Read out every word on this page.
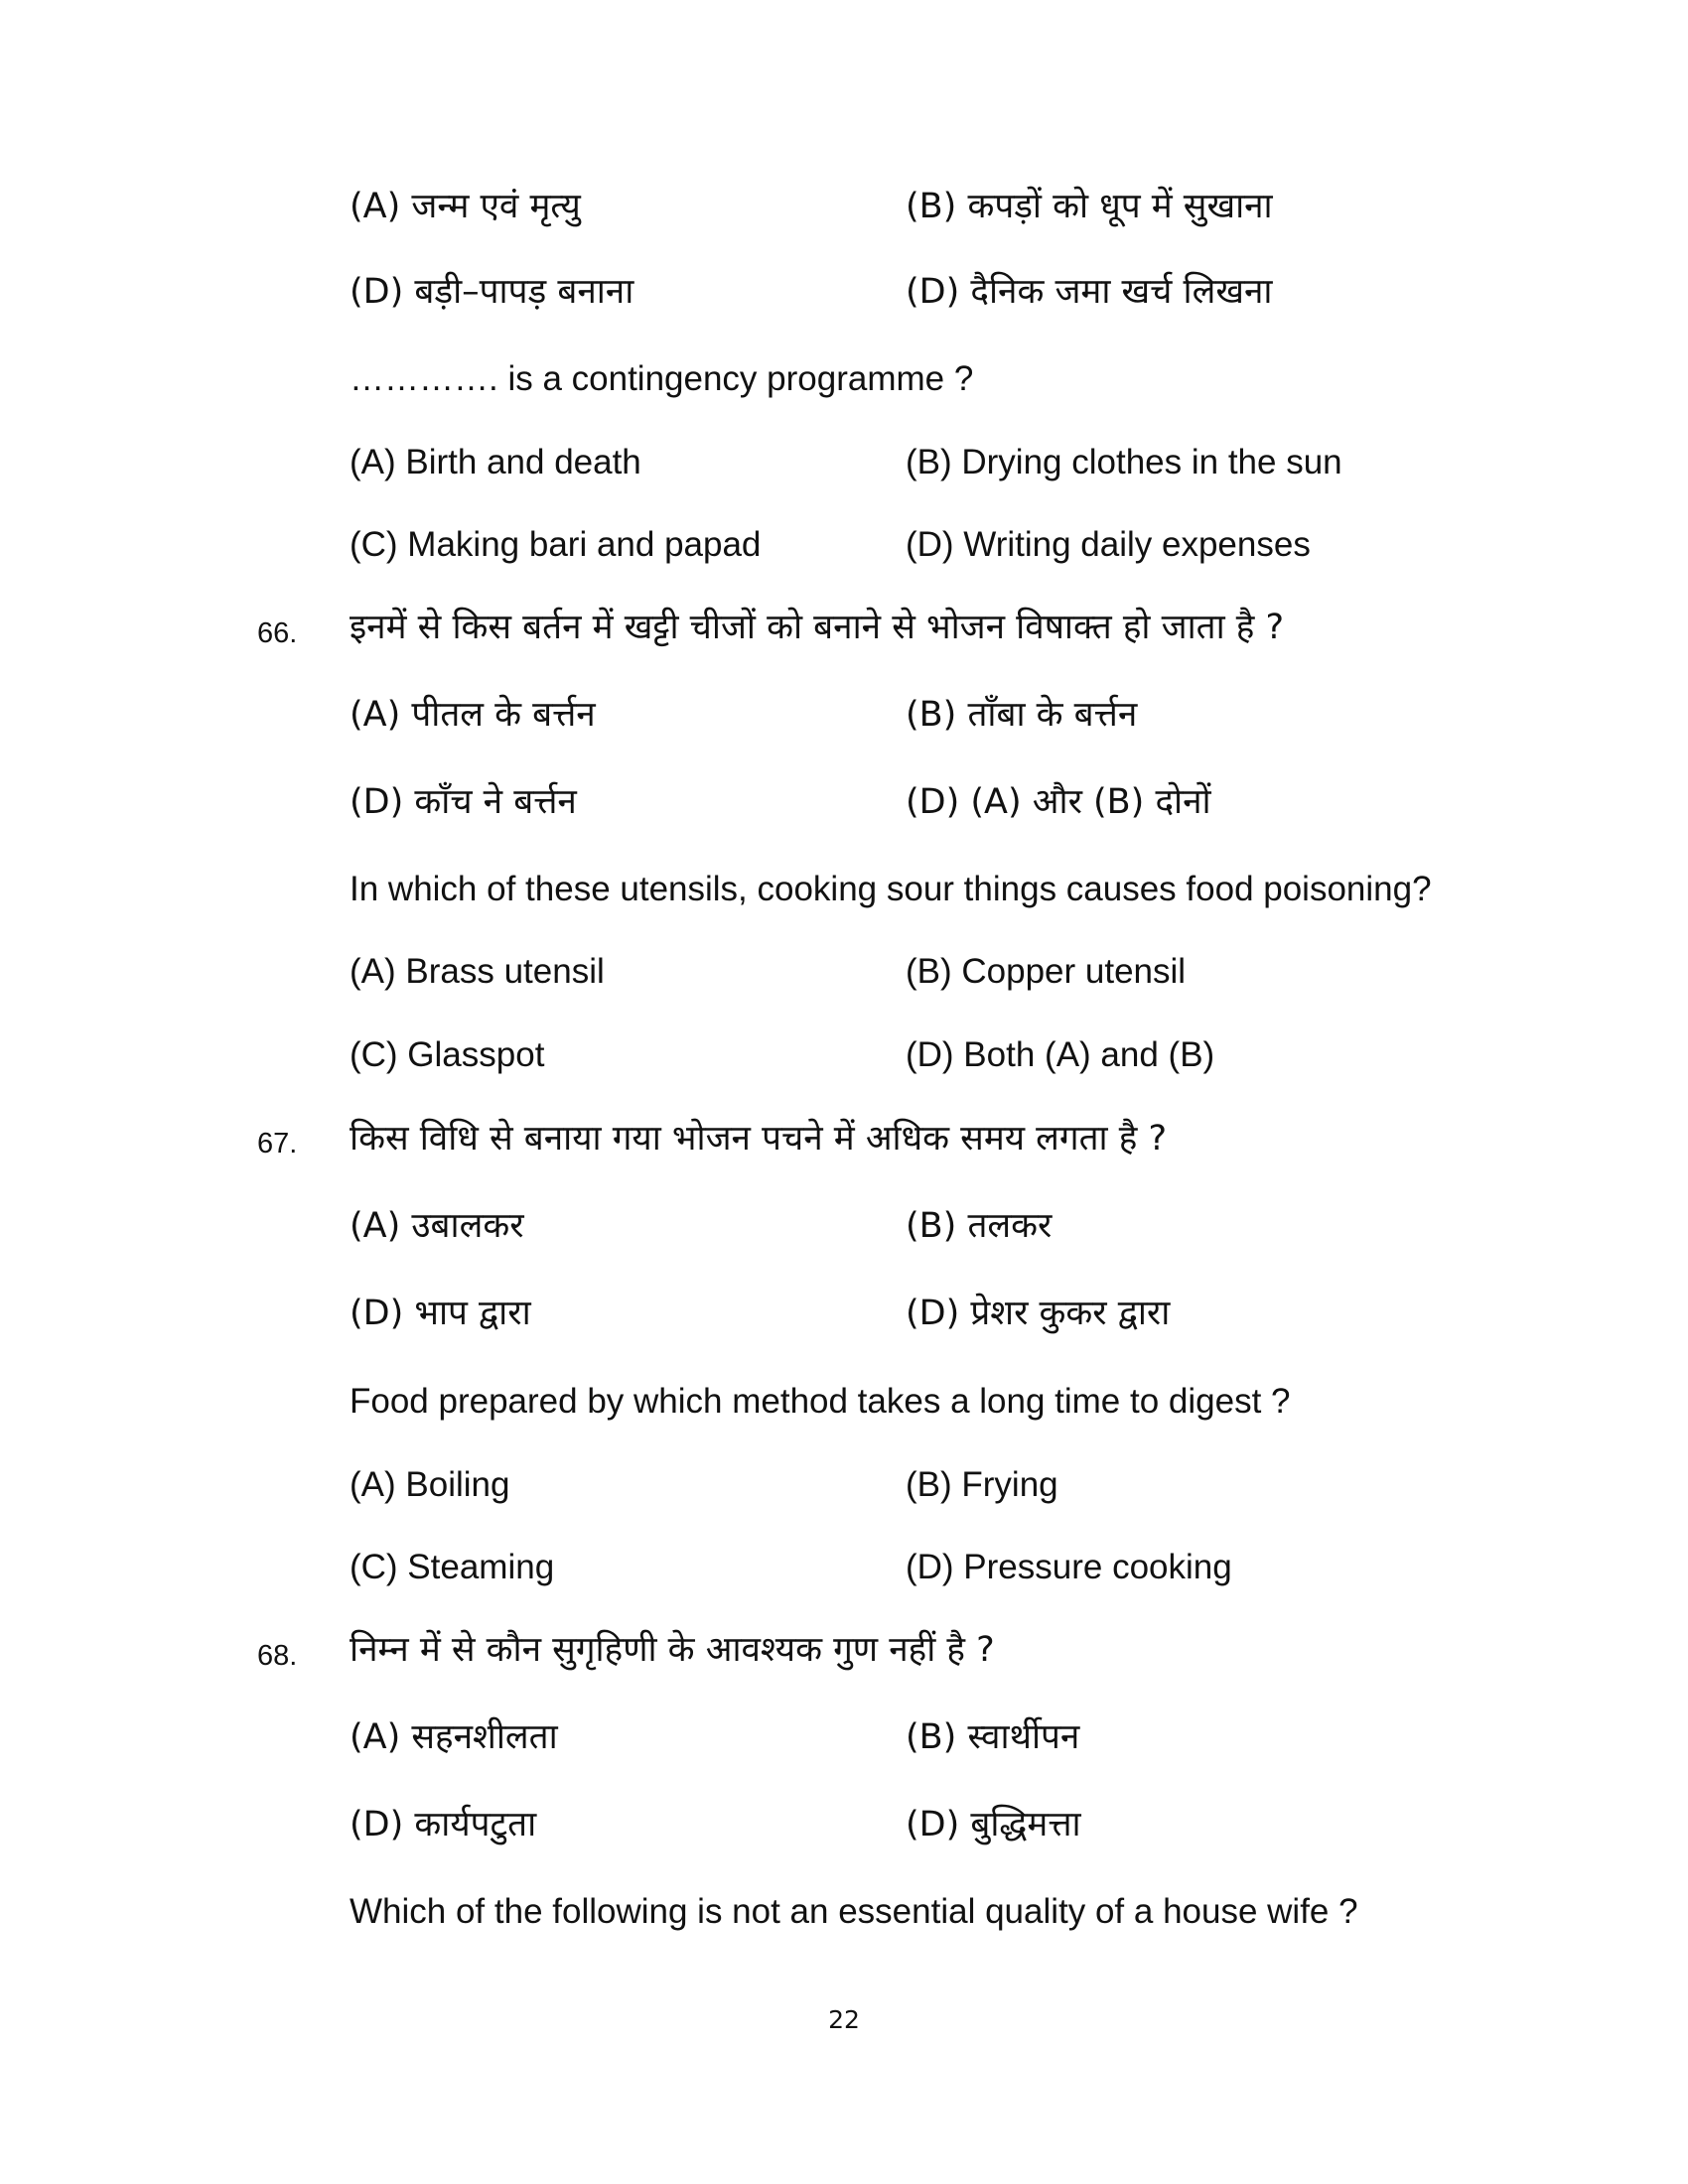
(A) जन्म एवं मृत्यु	(B) कपड़ों को धूप में सुखाना
(D) बड़ी–पापड़ बनाना	(D) दैनिक जमा खर्च लिखना
…………. is a contingency programme ?
(A) Birth and death	(B) Drying clothes in the sun
(C) Making bari and papad	(D) Writing daily expenses
66. इनमें से किस बर्तन में खट्टी चीजों को बनाने से भोजन विषाक्त हो जाता है ?
(A) पीतल के बर्त्तन	(B) ताँबा के बर्त्तन
(D) काँच ने बर्त्तन	(D) (A) और (B) दोनों
In which of these utensils, cooking sour things causes food poisoning?
(A) Brass utensil	(B) Copper utensil
(C) Glasspot	(D) Both (A) and (B)
67. किस विधि से बनाया गया भोजन पचने में अधिक समय लगता है ?
(A) उबालकर	(B) तलकर
(D) भाप द्वारा	(D) प्रेशर कुकर द्वारा
Food prepared by which method takes a long time to digest ?
(A) Boiling	(B) Frying
(C) Steaming	(D) Pressure cooking
68. निम्न में से कौन सुगृहिणी के आवश्यक गुण नहीं है ?
(A) सहनशीलता	(B) स्वार्थीपन
(D) कार्यपटुता	(D) बुद्धिमत्ता
Which of the following is not an essential quality of a house wife ?
22
